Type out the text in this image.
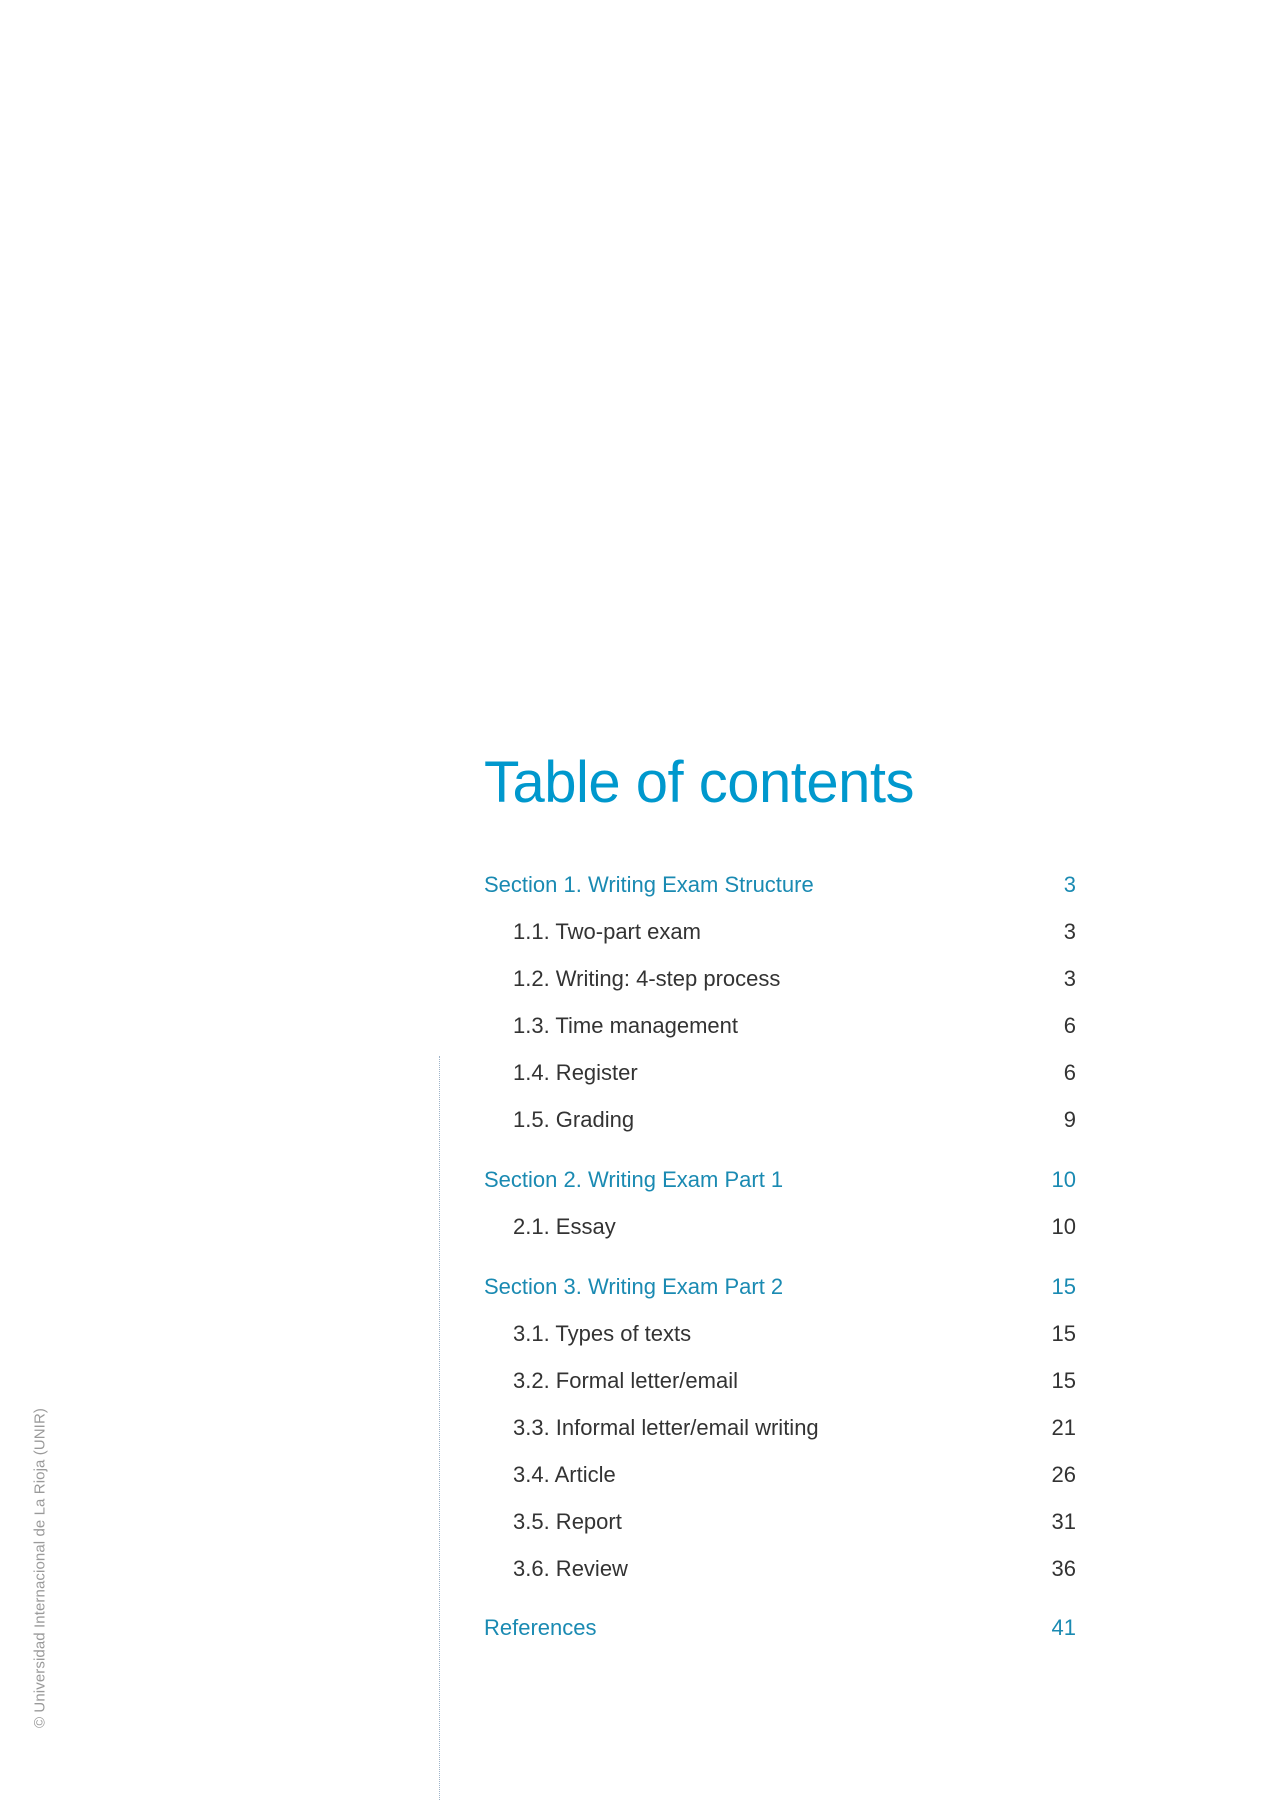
© Universidad Internacional de La Rioja (UNIR)
Table of contents
Section 1. Writing Exam Structure	3
1.1. Two-part exam	3
1.2. Writing: 4-step process	3
1.3. Time management	6
1.4. Register	6
1.5. Grading	9
Section 2. Writing Exam Part 1	10
2.1. Essay	10
Section 3. Writing Exam Part 2	15
3.1. Types of texts	15
3.2. Formal letter/email	15
3.3. Informal letter/email writing	21
3.4. Article	26
3.5. Report	31
3.6. Review	36
References	41
